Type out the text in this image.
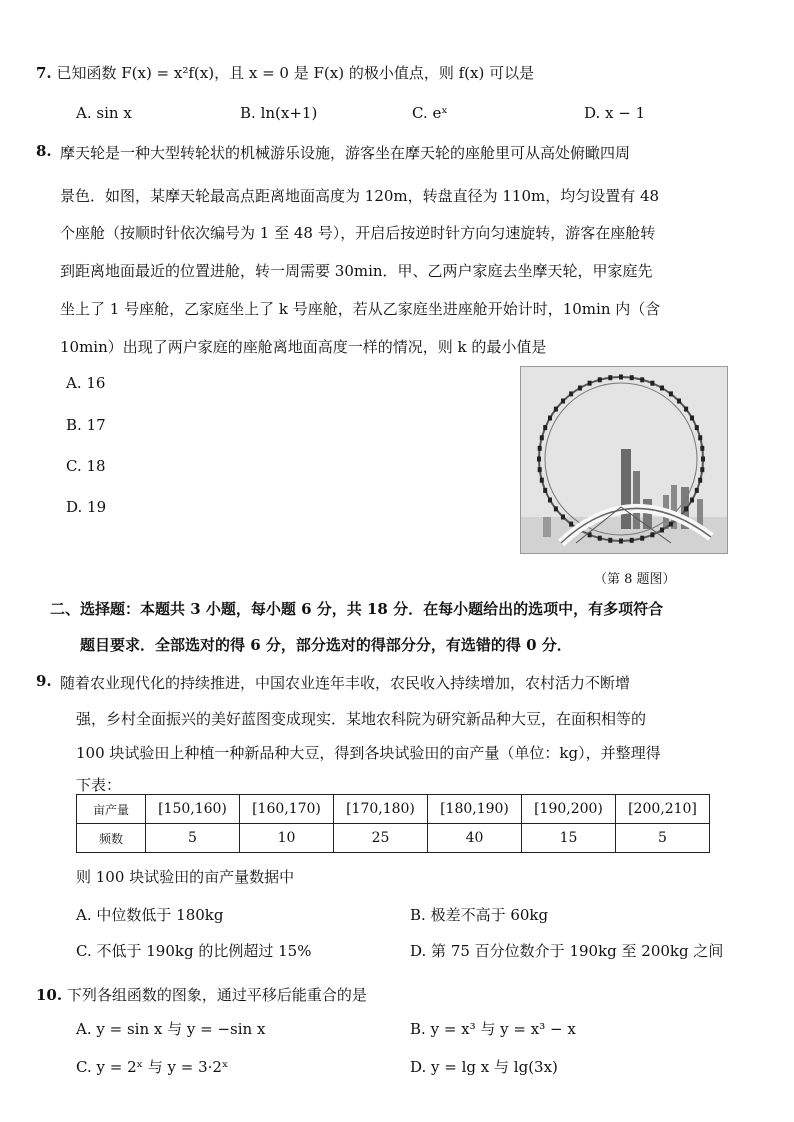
7. 已知函数 F(x) = x²f(x)，且 x = 0 是 F(x) 的极小值点，则 f(x) 可以是
A. sin x	B. ln(x+1)	C. eˣ	D. x − 1
8. 摩天轮是一种大型转轮状的机械游乐设施，游客坐在摩天轮的座舱里可从高处俯瞰四周
景色．如图，某摩天轮最高点距离地面高度为 120m，转盘直径为 110m，均匀设置有 48
个座舱（按顺时针依次编号为 1 至 48 号），开启后按逆时针方向匀速旋转，游客在座舱转
到距离地面最近的位置进舱，转一周需要 30min．甲、乙两户家庭去坐摩天轮，甲家庭先
坐上了 1 号座舱，乙家庭坐上了 k 号座舱，若从乙家庭坐进座舱开始计时，10min 内（含
10min）出现了两户家庭的座舱离地面高度一样的情况，则 k 的最小值是
A. 16
B. 17
C. 18
D. 19
（第 8 题图）
二、选择题：本题共 3 小题，每小题 6 分，共 18 分．在每小题给出的选项中，有多项符合
题目要求．全部选对的得 6 分，部分选对的得部分分，有选错的得 0 分．
9. 随着农业现代化的持续推进，中国农业连年丰收，农民收入持续增加，农村活力不断增
强，乡村全面振兴的美好蓝图变成现实．某地农科院为研究新品种大豆，在面积相等的
100 块试验田上种植一种新品种大豆，得到各块试验田的亩产量（单位：kg），并整理得
下表：
亩产量	[150,160)	[160,170)	[170,180)	[180,190)	[190,200)	[200,210]
频数	5	10	25	40	15	5
则 100 块试验田的亩产量数据中
A. 中位数低于 180kg	B. 极差不高于 60kg
C. 不低于 190kg 的比例超过 15%	D. 第 75 百分位数介于 190kg 至 200kg 之间
10. 下列各组函数的图象，通过平移后能重合的是
A. y = sin x 与 y = −sin x	B. y = x³ 与 y = x³ − x
C. y = 2ˣ 与 y = 3·2ˣ	D. y = lg x 与 lg(3x)
